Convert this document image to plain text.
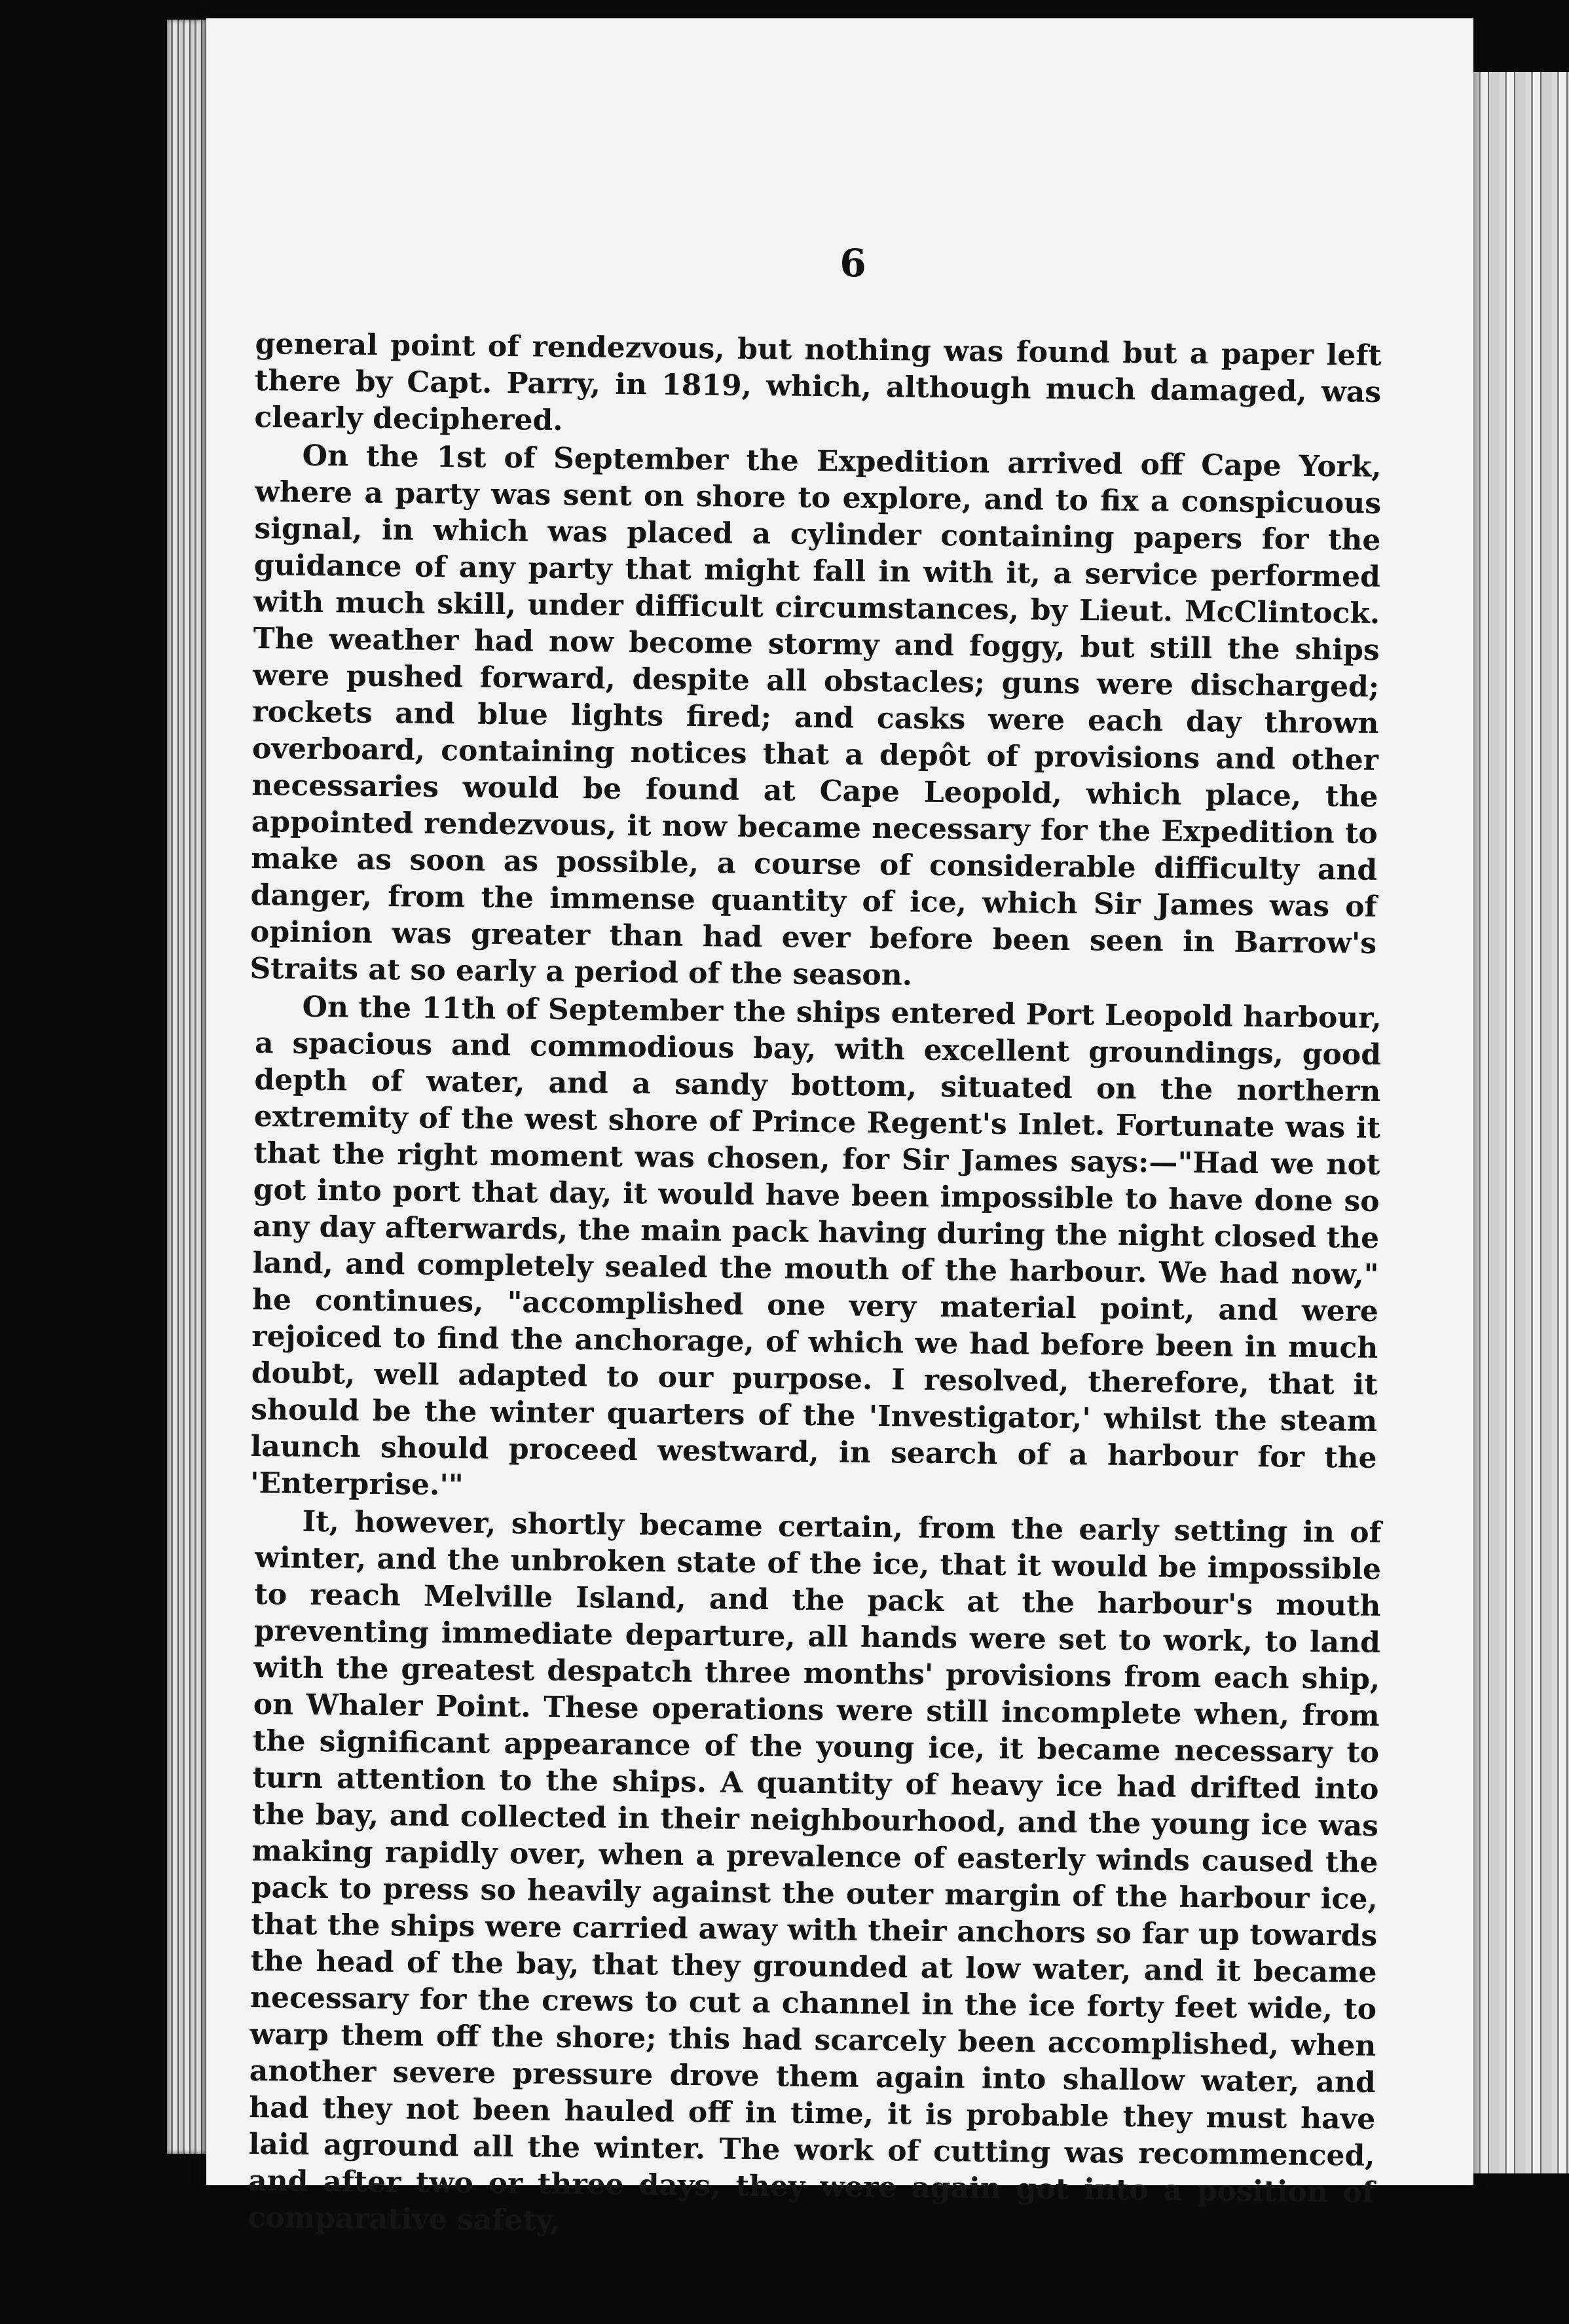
6

general point of rendezvous, but nothing was found but a paper left there by Capt. Parry, in 1819, which, although much damaged, was clearly deciphered.

On the 1st of September the Expedition arrived off Cape York, where a party was sent on shore to explore, and to fix a conspicuous signal, in which was placed a cylinder containing papers for the guidance of any party that might fall in with it, a service performed with much skill, under difficult circumstances, by Lieut. McClintock. The weather had now become stormy and foggy, but still the ships were pushed forward, despite all obstacles; guns were discharged; rockets and blue lights fired; and casks were each day thrown overboard, containing notices that a depôt of provisions and other necessaries would be found at Cape Leopold, which place, the appointed rendezvous, it now became necessary for the Expedition to make as soon as possible, a course of considerable difficulty and danger, from the immense quantity of ice, which Sir James was of opinion was greater than had ever before been seen in Barrow's Straits at so early a period of the season.

On the 11th of September the ships entered Port Leopold harbour, a spacious and commodious bay, with excellent groundings, good depth of water, and a sandy bottom, situated on the northern extremity of the west shore of Prince Regent's Inlet. Fortunate was it that the right moment was chosen, for Sir James says:—"Had we not got into port that day, it would have been impossible to have done so any day afterwards, the main pack having during the night closed the land, and completely sealed the mouth of the harbour. We had now," he continues, "accomplished one very material point, and were rejoiced to find the anchorage, of which we had before been in much doubt, well adapted to our purpose. I resolved, therefore, that it should be the winter quarters of the 'Investigator,' whilst the steam launch should proceed westward, in search of a harbour for the 'Enterprise.'"

It, however, shortly became certain, from the early setting in of winter, and the unbroken state of the ice, that it would be impossible to reach Melville Island, and the pack at the harbour's mouth preventing immediate departure, all hands were set to work, to land with the greatest despatch three months' provisions from each ship, on Whaler Point. These operations were still incomplete when, from the significant appearance of the young ice, it became necessary to turn attention to the ships. A quantity of heavy ice had drifted into the bay, and collected in their neighbourhood, and the young ice was making rapidly over, when a prevalence of easterly winds caused the pack to press so heavily against the outer margin of the harbour ice, that the ships were carried away with their anchors so far up towards the head of the bay, that they grounded at low water, and it became necessary for the crews to cut a channel in the ice forty feet wide, to warp them off the shore; this had scarcely been accomplished, when another severe pressure drove them again into shallow water, and had they not been hauled off in time, it is probable they must have laid aground all the winter. The work of cutting was recommenced, and after two or three days, they were again got into a position of comparative safety,
